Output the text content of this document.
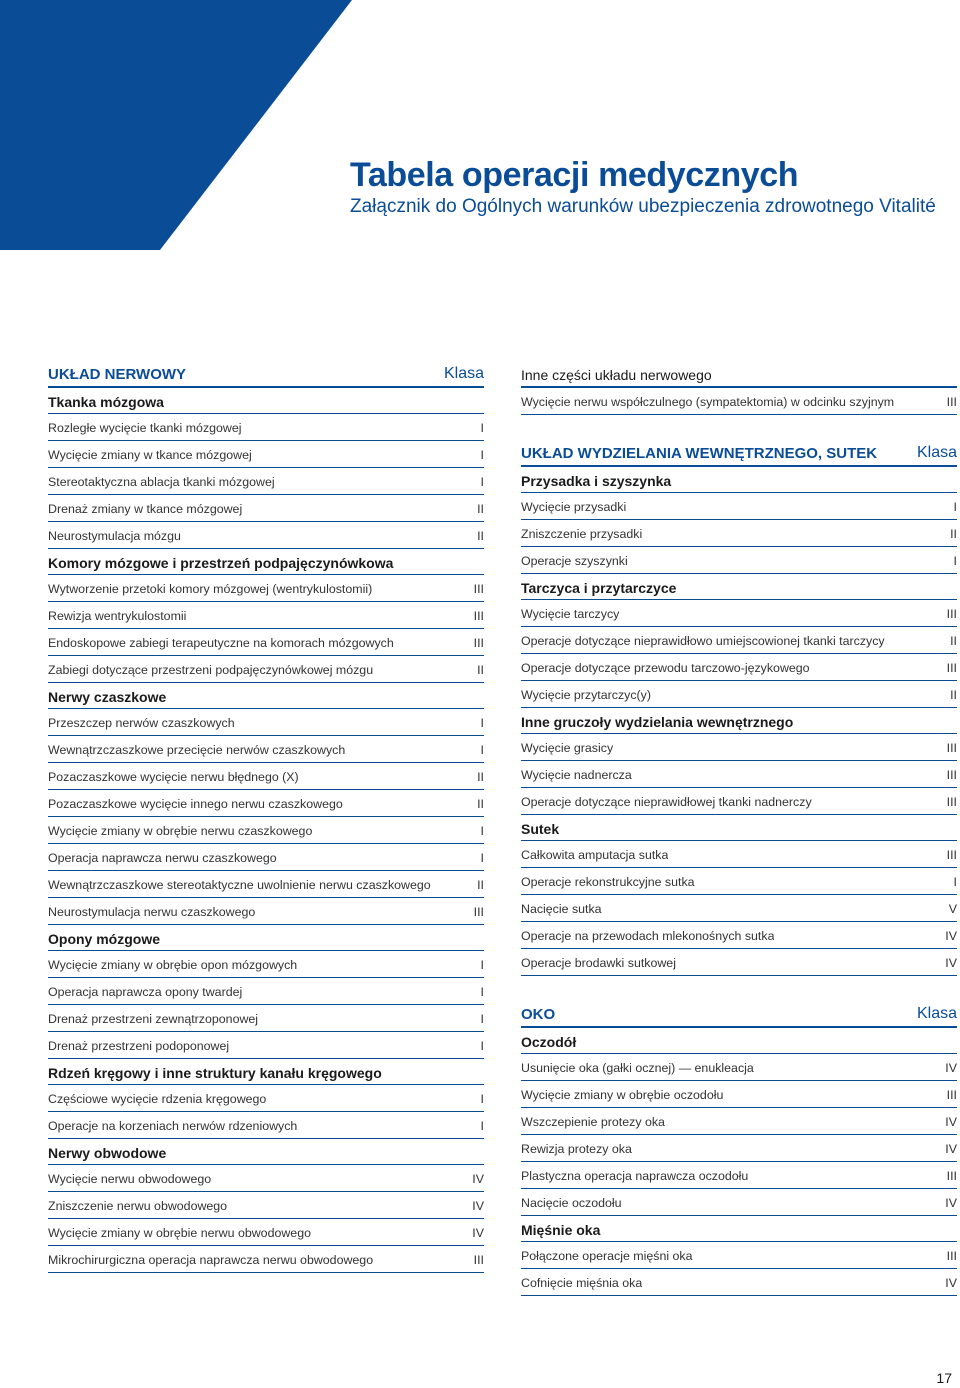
Tabela operacji medycznych
Załącznik do Ogólnych warunków ubezpieczenia zdrowotnego Vitalité
UKŁAD NERWOWY	Klasa
Tkanka mózgowa
Rozległe wycięcie tkanki mózgowej	I
Wycięcie zmiany w tkance mózgowej	I
Stereotaktyczna ablacja tkanki mózgowej	I
Drenaż zmiany w tkance mózgowej	II
Neurostymulacja mózgu	II
Komory mózgowe i przestrzeń podpajęczynówkowa
Wytworzenie przetoki komory mózgowej (wentrykulostomii)	III
Rewizja wentrykulostomii	III
Endoskopowe zabiegi terapeutyczne na komorach mózgowych	III
Zabiegi dotyczące przestrzeni podpajęczynówkowej mózgu	II
Nerwy czaszkowe
Przeszczep nerwów czaszkowych	I
Wewnątrzczaszkowe przecięcie nerwów czaszkowych	I
Pozaczaszkowe wycięcie nerwu błędnego (X)	II
Pozaczaszkowe wycięcie innego nerwu czaszkowego	II
Wycięcie zmiany w obrębie nerwu czaszkowego	I
Operacja naprawcza nerwu czaszkowego	I
Wewnątrzczaszkowe stereotaktyczne uwolnienie nerwu czaszkowego	II
Neurostymulacja nerwu czaszkowego	III
Opony mózgowe
Wycięcie zmiany w obrębie opon mózgowych	I
Operacja naprawcza opony twardej	I
Drenaż przestrzeni zewnątrzoponowej	I
Drenaż przestrzeni podoponowej	I
Rdzeń kręgowy i inne struktury kanału kręgowego
Częściowe wycięcie rdzenia kręgowego	I
Operacje na korzeniach nerwów rdzeniowych	I
Nerwy obwodowe
Wycięcie nerwu obwodowego	IV
Zniszczenie nerwu obwodowego	IV
Wycięcie zmiany w obrębie nerwu obwodowego	IV
Mikrochirurgiczna operacja naprawcza nerwu obwodowego	III
Inne części układu nerwowego
Wycięcie nerwu współczulnego (sympatektomia) w odcinku szyjnym	III
UKŁAD WYDZIELANIA WEWNĘTRZNEGO, SUTEK Klasa
Przysadka i szyszynka
Wycięcie przysadki	I
Zniszczenie przysadki	II
Operacje szyszynki	I
Tarczyca i przytarczyce
Wycięcie tarczycy	III
Operacje dotyczące nieprawidłowo umiejscowionej tkanki tarczycy	II
Operacje dotyczące przewodu tarczowo-językowego	III
Wycięcie przytarczyc(y)	II
Inne gruczoły wydzielania wewnętrznego
Wycięcie grasicy	III
Wycięcie nadnercza	III
Operacje dotyczące nieprawidłowej tkanki nadnerczy	III
Sutek
Całkowita amputacja sutka	III
Operacje rekonstrukcyjne sutka	I
Nacięcie sutka	V
Operacje na przewodach mlekonośnych sutka	IV
Operacje brodawki sutkowej	IV
OKO	Klasa
Oczodół
Usunięcie oka (gałki ocznej) — enukleacja	IV
Wycięcie zmiany w obrębie oczodołu	III
Wszczepienie protezy oka	IV
Rewizja protezy oka	IV
Plastyczna operacja naprawcza oczodołu	III
Nacięcie oczodołu	IV
Mięśnie oka
Połączone operacje mięśni oka	III
Cofnięcie mięśnia oka	IV
17
